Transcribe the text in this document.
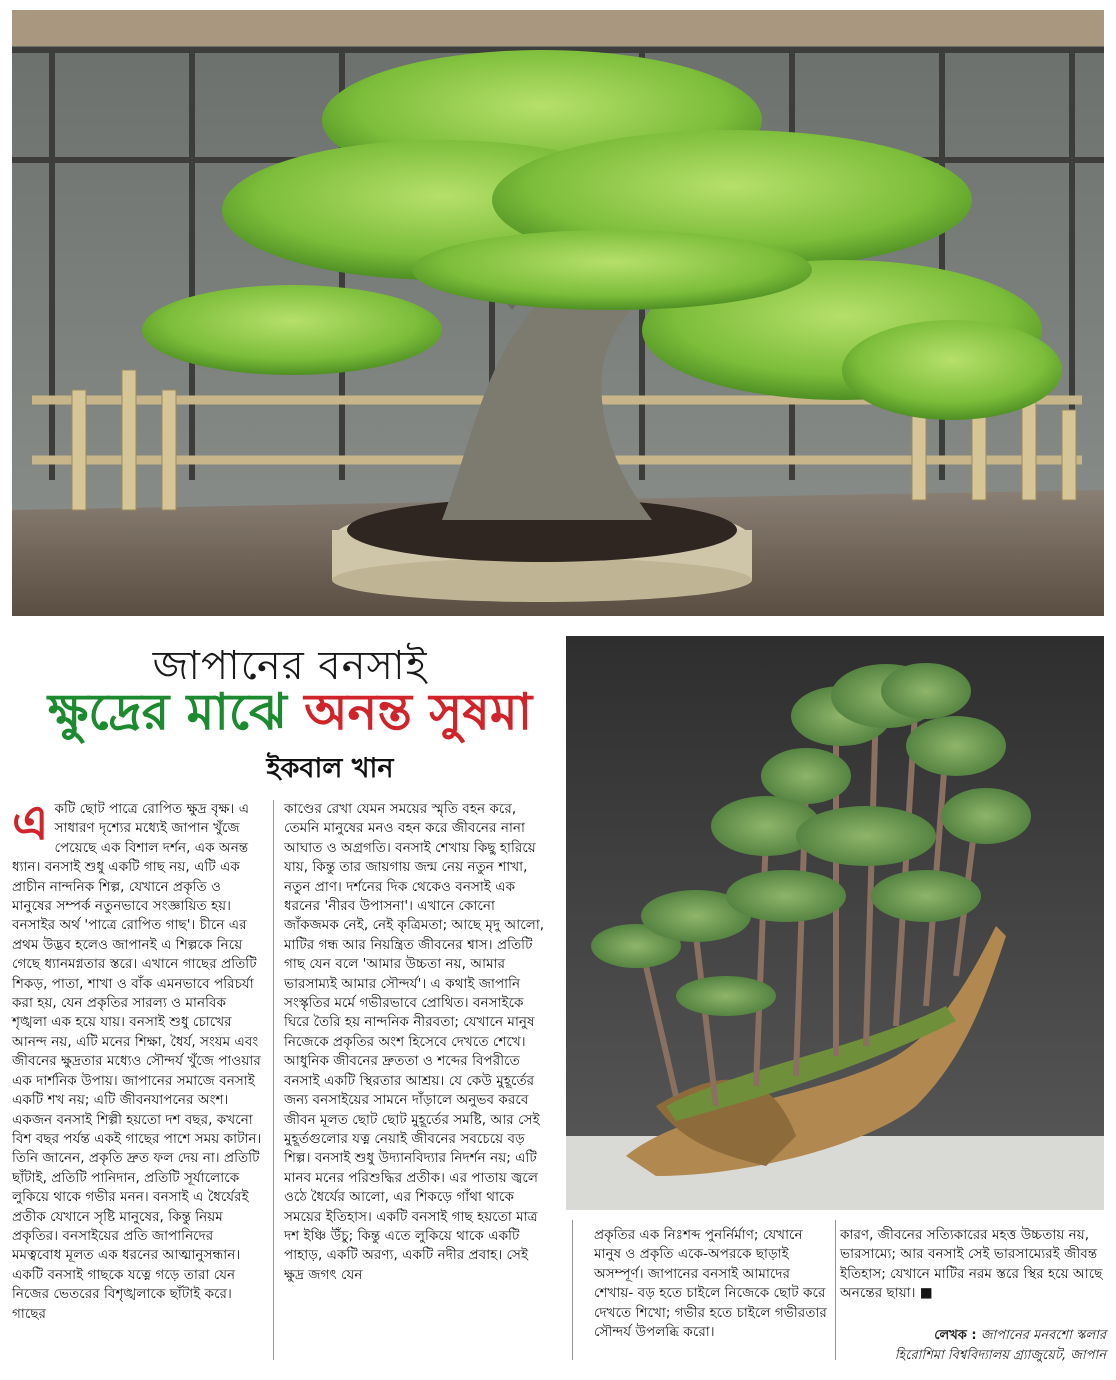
জাপানের বনসাই
ক্ষুদ্রের মাঝে অনন্ত সুষমা
ইকবাল খান
এ কটি ছোট পাত্রে রোপিত ক্ষুদ্র বৃক্ষ। এ সাধারণ দৃশ্যের মধ্যেই জাপান খুঁজে পেয়েছে এক বিশাল দর্শন, এক অনন্ত ধ্যান। বনসাই শুধু একটি গাছ নয়, এটি এক প্রাচীন নান্দনিক শিল্প, যেখানে প্রকৃতি ও মানুষের সম্পর্ক নতুনভাবে সংজ্ঞায়িত হয়। বনসাইর অর্থ 'পাত্রে রোপিত গাছ'। চীনে এর প্রথম উদ্ভব হলেও জাপানই এ শিল্পকে নিয়ে গেছে ধ্যানমগ্নতার স্তরে। এখানে গাছের প্রতিটি শিকড়, পাতা, শাখা ও বাঁক এমনভাবে পরিচর্যা করা হয়, যেন প্রকৃতির সারল্য ও মানবিক শৃঙ্খলা এক হয়ে যায়। বনসাই শুধু চোখের আনন্দ নয়, এটি মনের শিক্ষা, ধৈর্য, সংযম এবং জীবনের ক্ষুদ্রতার মধ্যেও সৌন্দর্য খুঁজে পাওয়ার এক দার্শনিক উপায়। জাপানের সমাজে বনসাই একটি শখ নয়; এটি জীবনযাপনের অংশ। একজন বনসাই শিল্পী হয়তো দশ বছর, কখনো বিশ বছর পর্যন্ত একই গাছের পাশে সময় কাটান। তিনি জানেন, প্রকৃতি দ্রুত ফল দেয় না। প্রতিটি ছাঁটাই, প্রতিটি পানিদান, প্রতিটি সূর্যালোকে লুকিয়ে থাকে গভীর মনন। বনসাই এ ধৈর্যেরই প্রতীক যেখানে সৃষ্টি মানুষের, কিন্তু নিয়ম প্রকৃতির। বনসাইয়ের প্রতি জাপানিদের মমত্ববোধ মূলত এক ধরনের আত্মানুসন্ধান। একটি বনসাই গাছকে যত্নে গড়ে তারা যেন নিজের ভেতরের বিশৃঙ্খলাকে ছাঁটাই করে। গাছের

কাণ্ডের রেখা যেমন সময়ের স্মৃতি বহন করে, তেমনি মানুষের মনও বহন করে জীবনের নানা আঘাত ও অগ্রগতি। বনসাই শেখায় কিছু হারিয়ে যায়, কিন্তু তার জায়গায় জন্ম নেয় নতুন শাখা, নতুন প্রাণ। দর্শনের দিক থেকেও বনসাই এক ধরনের 'নীরব উপাসনা'। এখানে কোনো জাঁকজমক নেই, নেই কৃত্রিমতা; আছে মৃদু আলো, মাটির গন্ধ আর নিয়ন্ত্রিত জীবনের শ্বাস। প্রতিটি গাছ যেন বলে 'আমার উচ্চতা নয়, আমার ভারসাম্যই আমার সৌন্দর্য'। এ কথাই জাপানি সংস্কৃতির মর্মে গভীরভাবে প্রোথিত। বনসাইকে ঘিরে তৈরি হয় নান্দনিক নীরবতা; যেখানে মানুষ নিজেকে প্রকৃতির অংশ হিসেবে দেখতে শেখে। আধুনিক জীবনের দ্রুততা ও শব্দের বিপরীতে বনসাই একটি স্থিরতার আশ্রয়। যে কেউ মুহূর্তের জন্য বনসাইয়ের সামনে দাঁড়ালে অনুভব করবে জীবন মূলত ছোট ছোট মুহূর্তের সমষ্টি, আর সেই মুহূর্তগুলোর যত্ন নেয়াই জীবনের সবচেয়ে বড় শিল্প। বনসাই শুধু উদ্যানবিদ্যার নিদর্শন নয়; এটি মানব মনের পরিশুদ্ধির প্রতীক। এর পাতায় জ্বলে ওঠে ধৈর্যের আলো, এর শিকড়ে গাঁথা থাকে সময়ের ইতিহাস। একটি বনসাই গাছ হয়তো মাত্র দশ ইঞ্চি উঁচু; কিন্তু এতে লুকিয়ে থাকে একটি পাহাড়, একটি অরণ্য, একটি নদীর প্রবাহ। সেই ক্ষুদ্র জগৎ যেন

প্রকৃতির এক নিঃশব্দ পুনর্নির্মাণ; যেখানে মানুষ ও প্রকৃতি একে-অপরকে ছাড়াই অসম্পূর্ণ। জাপানের বনসাই আমাদের শেখায়- বড় হতে চাইলে নিজেকে ছোট করে দেখতে শিখো; গভীর হতে চাইলে গভীরতার সৌন্দর্য উপলব্ধি করো।

কারণ, জীবনের সত্যিকারের মহত্ত উচ্চতায় নয়, ভারসাম্যে; আর বনসাই সেই ভারসাম্যেরই জীবন্ত ইতিহাস; যেখানে মাটির নরম স্তরে স্থির হয়ে আছে অনন্তের ছায়া। ■

লেখক : জাপানের মনবশো স্কলার
হিরোশিমা বিশ্ববিদ্যালয় গ্র্যাজুয়েট, জাপান
